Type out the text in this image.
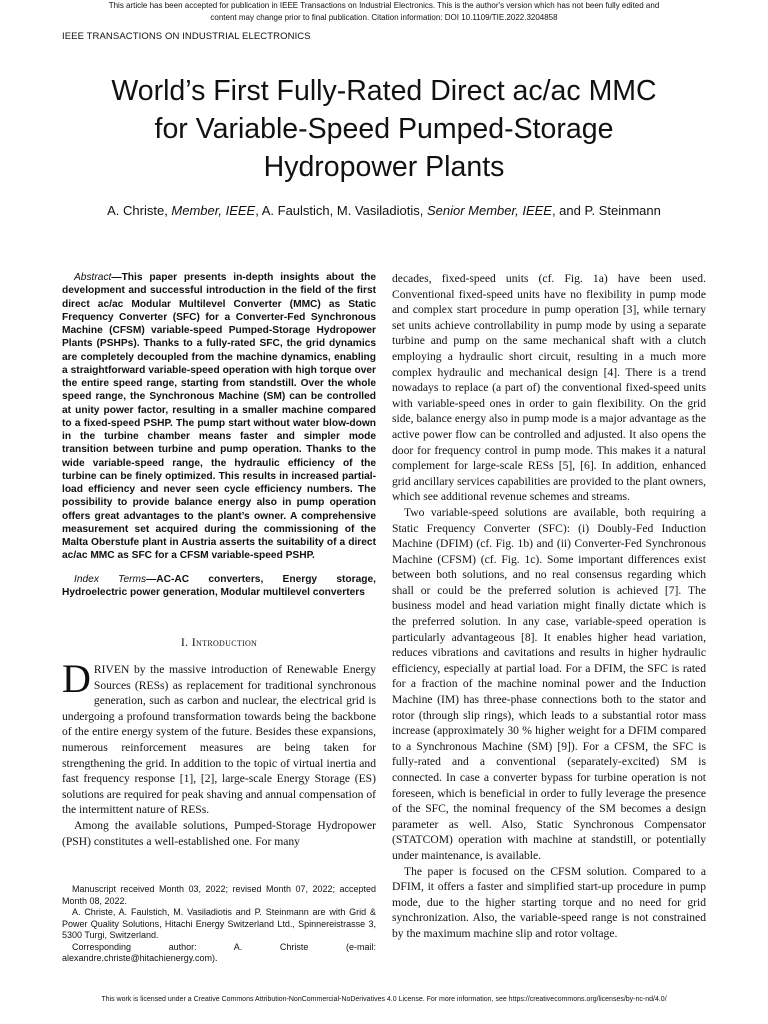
This article has been accepted for publication in IEEE Transactions on Industrial Electronics. This is the author's version which has not been fully edited and
content may change prior to final publication. Citation information: DOI 10.1109/TIE.2022.3204858
IEEE TRANSACTIONS ON INDUSTRIAL ELECTRONICS
World’s First Fully-Rated Direct ac/ac MMC
for Variable-Speed Pumped-Storage
Hydropower Plants
A. Christe, Member, IEEE, A. Faulstich, M. Vasiladiotis, Senior Member, IEEE, and P. Steinmann

Abstract—This paper presents in-depth insights about the development and successful introduction in the field of the first direct ac/ac Modular Multilevel Converter (MMC) as Static Frequency Converter (SFC) for a Converter-Fed Synchronous Machine (CFSM) variable-speed Pumped-Storage Hydropower Plants (PSHPs). Thanks to a fully-rated SFC, the grid dynamics are completely decoupled from the machine dynamics, enabling a straightforward variable-speed operation with high torque over the entire speed range, starting from standstill. Over the whole speed range, the Synchronous Machine (SM) can be controlled at unity power factor, resulting in a smaller machine compared to a fixed-speed PSHP. The pump start without water blow-down in the turbine chamber means faster and simpler mode transition between turbine and pump operation. Thanks to the wide variable-speed range, the hydraulic efficiency of the turbine can be finely optimized. This results in increased partial-load efficiency and never seen cycle efficiency numbers. The possibility to provide balance energy also in pump operation offers great advantages to the plant’s owner. A comprehensive measurement set acquired during the commissioning of the Malta Oberstufe plant in Austria asserts the suitability of a direct ac/ac MMC as SFC for a CFSM variable-speed PSHP.

Index Terms—AC-AC converters, Energy storage, Hydroelectric power generation, Modular multilevel converters

I. Introduction

DRIVEN by the massive introduction of Renewable Energy Sources (RESs) as replacement for traditional synchronous generation, such as carbon and nuclear, the electrical grid is undergoing a profound transformation towards being the backbone of the entire energy system of the future. Besides these expansions, numerous reinforcement measures are being taken for strengthening the grid. In addition to the topic of virtual inertia and fast frequency response [1], [2], large-scale Energy Storage (ES) solutions are required for peak shaving and annual compensation of the intermittent nature of RESs.

Among the available solutions, Pumped-Storage Hydropower (PSH) constitutes a well-established one. For many

decades, fixed-speed units (cf. Fig. 1a) have been used. Conventional fixed-speed units have no flexibility in pump mode and complex start procedure in pump operation [3], while ternary set units achieve controllability in pump mode by using a separate turbine and pump on the same mechanical shaft with a clutch employing a hydraulic short circuit, resulting in a much more complex hydraulic and mechanical design [4]. There is a trend nowadays to replace (a part of) the conventional fixed-speed units with variable-speed ones in order to gain flexibility. On the grid side, balance energy also in pump mode is a major advantage as the active power flow can be controlled and adjusted. It also opens the door for frequency control in pump mode. This makes it a natural complement for large-scale RESs [5], [6]. In addition, enhanced grid ancillary services capabilities are provided to the plant owners, which see additional revenue schemes and streams.

Two variable-speed solutions are available, both requiring a Static Frequency Converter (SFC): (i) Doubly-Fed Induction Machine (DFIM) (cf. Fig. 1b) and (ii) Converter-Fed Synchronous Machine (CFSM) (cf. Fig. 1c). Some important differences exist between both solutions, and no real consensus regarding which shall or could be the preferred solution is achieved [7]. The business model and head variation might finally dictate which is the preferred solution. In any case, variable-speed operation is particularly advantageous [8]. It enables higher head variation, reduces vibrations and cavitations and results in higher hydraulic efficiency, especially at partial load. For a DFIM, the SFC is rated for a fraction of the machine nominal power and the Induction Machine (IM) has three-phase connections both to the stator and rotor (through slip rings), which leads to a substantial rotor mass increase (approximately 30 % higher weight for a DFIM compared to a Synchronous Machine (SM) [9]). For a CFSM, the SFC is fully-rated and a conventional (separately-excited) SM is connected. In case a converter bypass for turbine operation is not foreseen, which is beneficial in order to fully leverage the presence of the SFC, the nominal frequency of the SM becomes a design parameter as well. Also, Static Synchronous Compensator (STATCOM) operation with machine at standstill, or potentially under maintenance, is available.

The paper is focused on the CFSM solution. Compared to a DFIM, it offers a faster and simplified start-up procedure in pump mode, due to the higher starting torque and no need for grid synchronization. Also, the variable-speed range is not constrained by the maximum machine slip and rotor voltage.

Manuscript received Month 03, 2022; revised Month 07, 2022; accepted Month 08, 2022.

A. Christe, A. Faulstich, M. Vasiladiotis and P. Steinmann are with Grid & Power Quality Solutions, Hitachi Energy Switzerland Ltd., Spinnereistrasse 3, 5300 Turgi, Switzerland.

Corresponding author: A. Christe (e-mail: alexandre.christe@hitachienergy.com).

This work is licensed under a Creative Commons Attribution-NonCommercial-NoDerivatives 4.0 License. For more information, see https://creativecommons.org/licenses/by-nc-nd/4.0/
